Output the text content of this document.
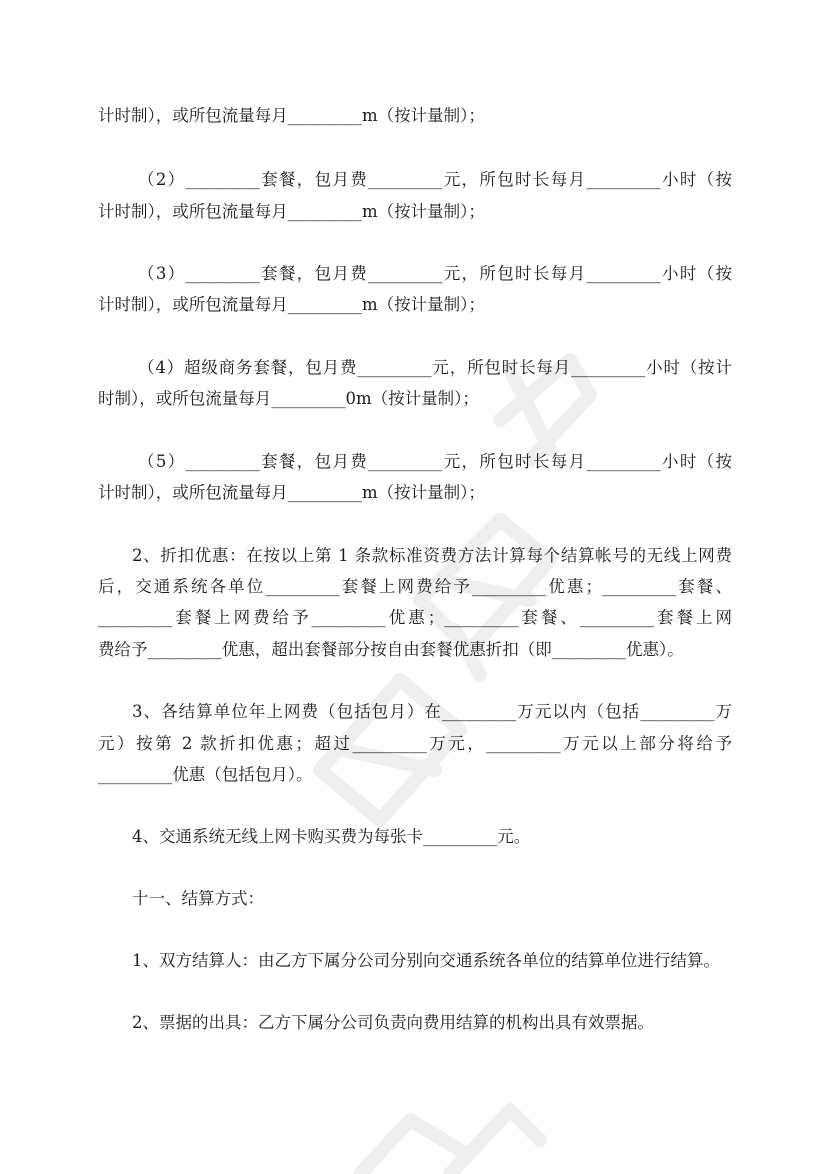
计时制），或所包流量每月_________m（按计量制）；
（2）_________套餐，包月费_________元，所包时长每月_________小时（按
计时制），或所包流量每月_________m（按计量制）；
（3）_________套餐，包月费_________元，所包时长每月_________小时（按
计时制），或所包流量每月_________m（按计量制）；
（4）超级商务套餐，包月费_________元，所包时长每月_________小时（按计
时制），或所包流量每月_________0m（按计量制）；
（5）_________套餐，包月费_________元，所包时长每月_________小时（按
计时制），或所包流量每月_________m（按计量制）；
2、折扣优惠：在按以上第 1 条款标准资费方法计算每个结算帐号的无线上网费
后，交通系统各单位_________套餐上网费给予_________优惠；_________套餐、
_________套餐上网费给予_________优惠；_________套餐、_________套餐上网
费给予_________优惠，超出套餐部分按自由套餐优惠折扣（即_________优惠）。
3、各结算单位年上网费（包括包月）在_________万元以内（包括_________万
元）按第 2 款折扣优惠；超过_________万元，_________万元以上部分将给予
_________优惠（包括包月）。
4、交通系统无线上网卡购买费为每张卡_________元。
十一、结算方式：
1、双方结算人：由乙方下属分公司分别向交通系统各单位的结算单位进行结算。
2、票据的出具：乙方下属分公司负责向费用结算的机构出具有效票据。
